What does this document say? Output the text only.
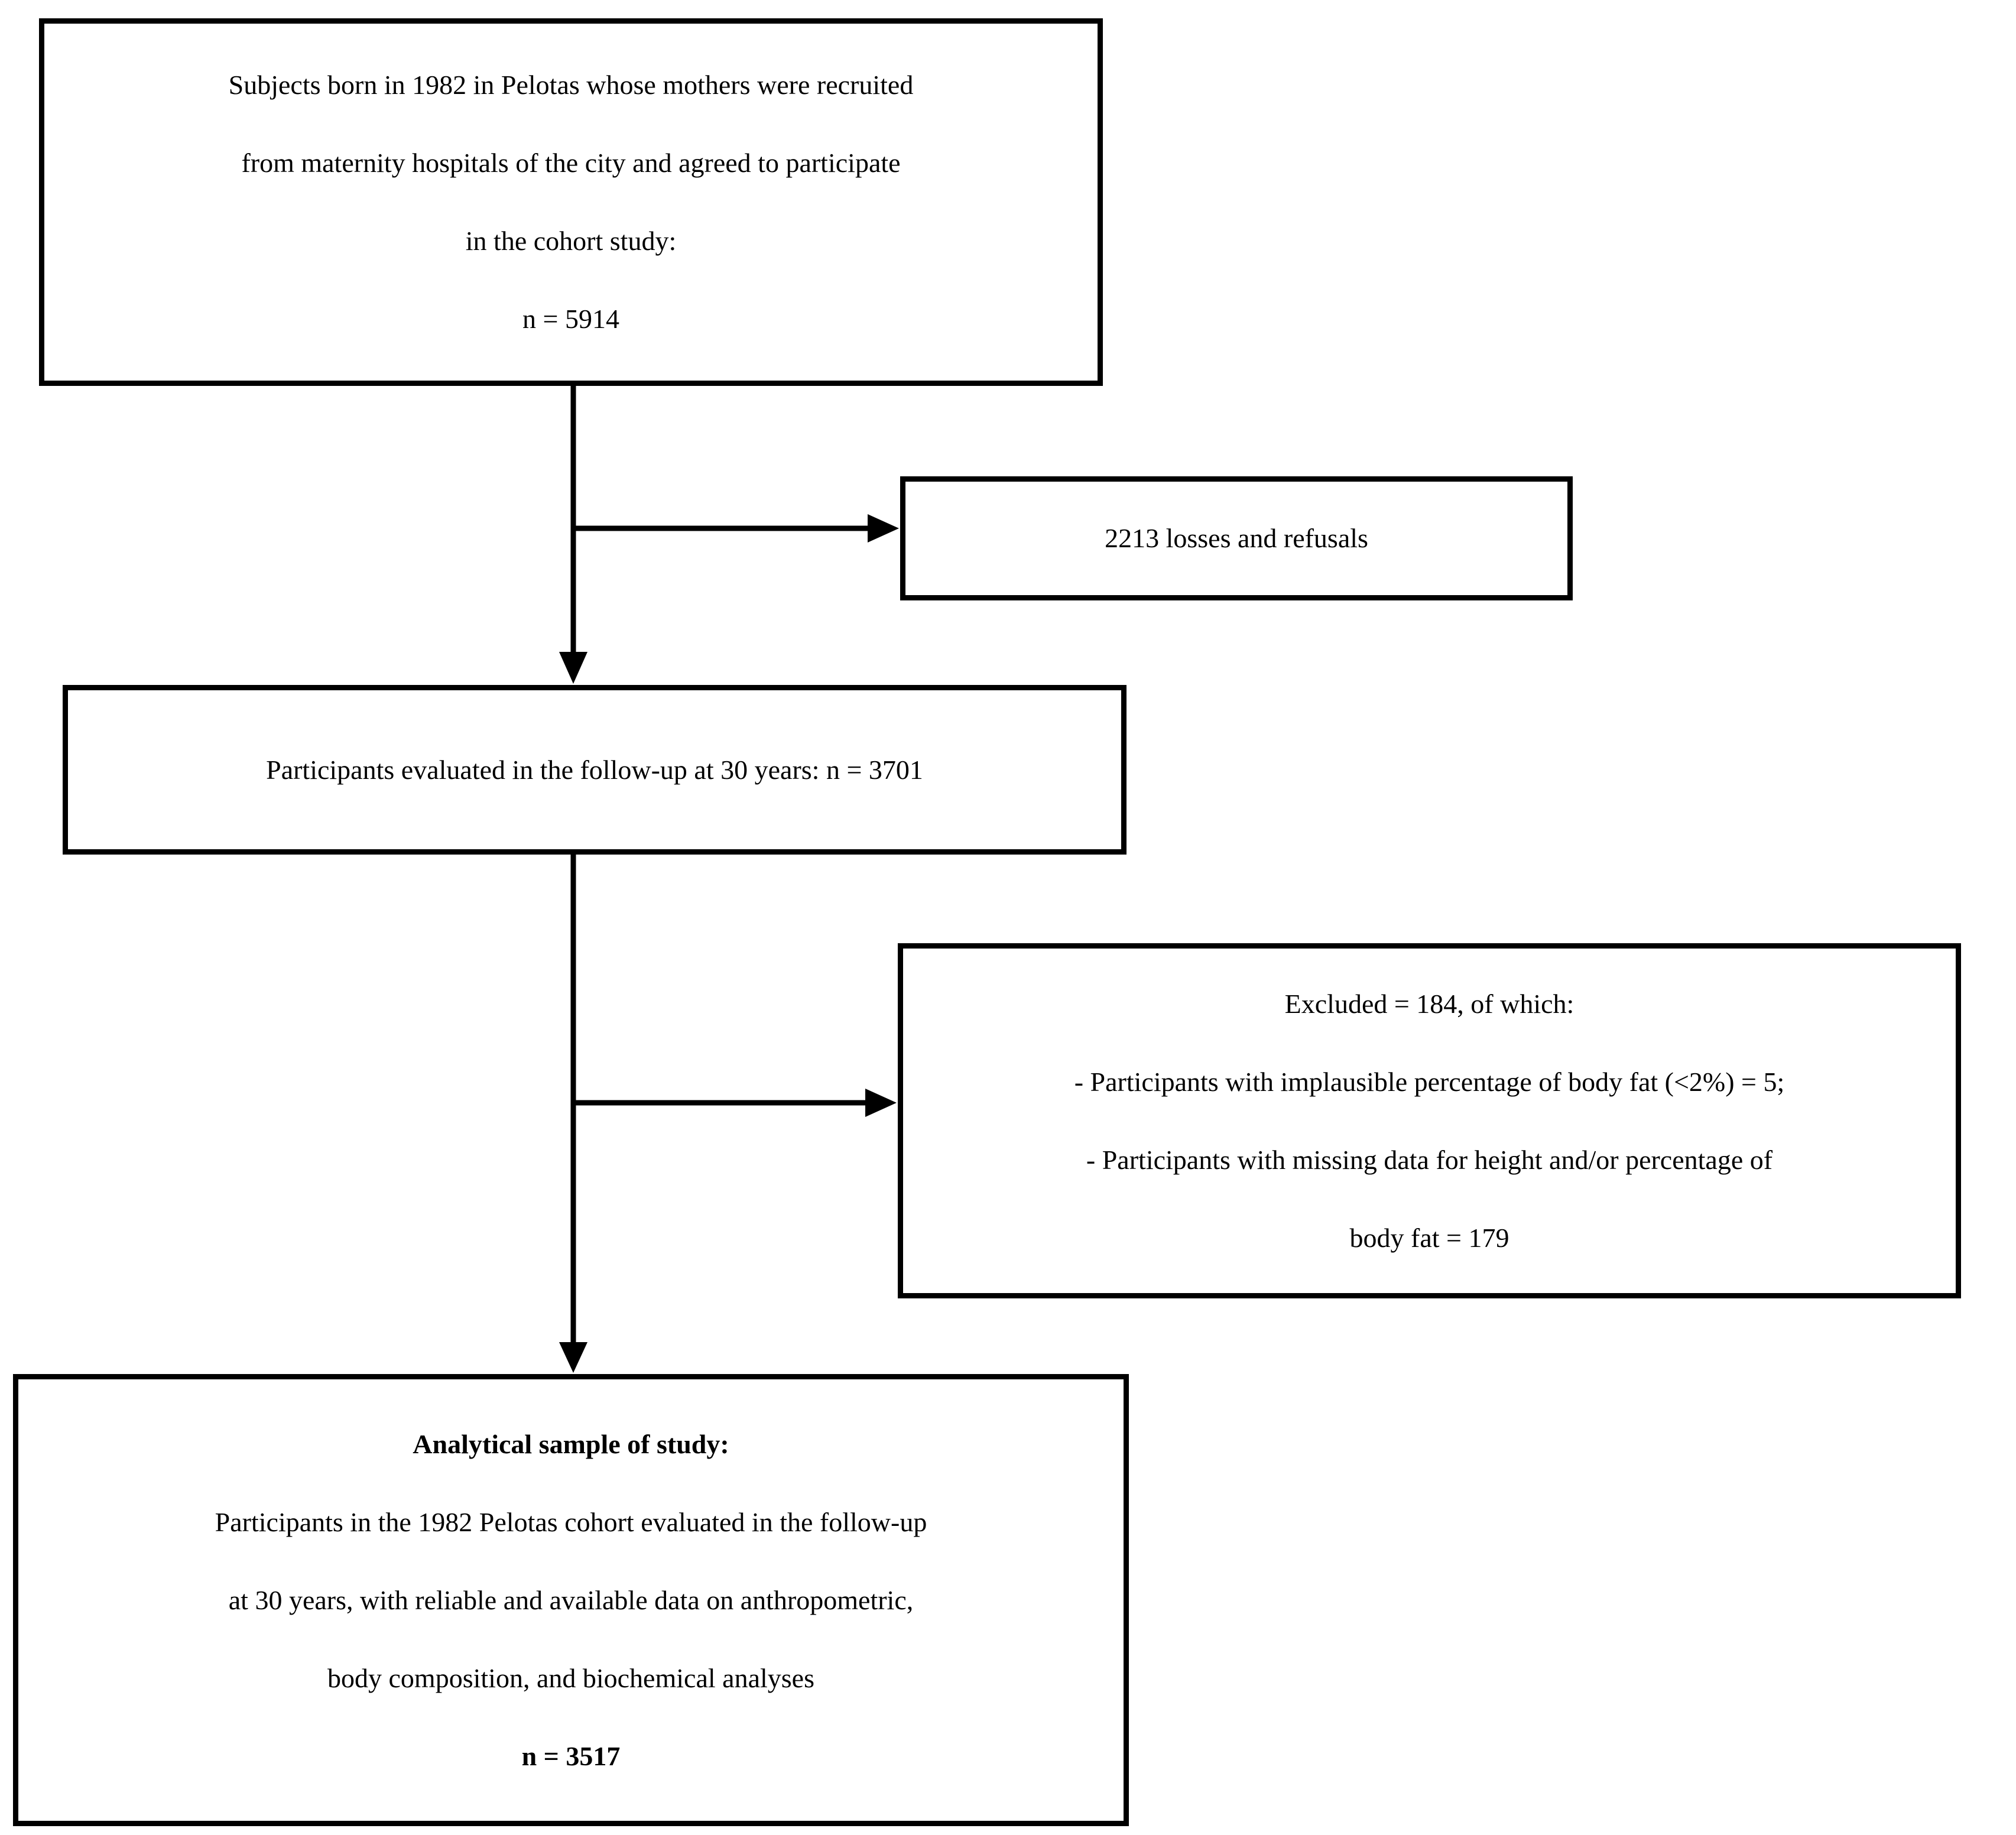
Subjects born in 1982 in Pelotas whose mothers were recruited
from maternity hospitals of the city and agreed to participate
in the cohort study:
n = 5914
2213 losses and refusals
Participants evaluated in the follow-up at 30 years: n = 3701
Excluded = 184, of which:
- Participants with implausible percentage of body fat (<2%) = 5;
- Participants with missing data for height and/or percentage of
body fat = 179
Analytical sample of study:
Participants in the 1982 Pelotas cohort evaluated in the follow-up
at 30 years, with reliable and available data on anthropometric,
body composition, and biochemical analyses
n = 3517
